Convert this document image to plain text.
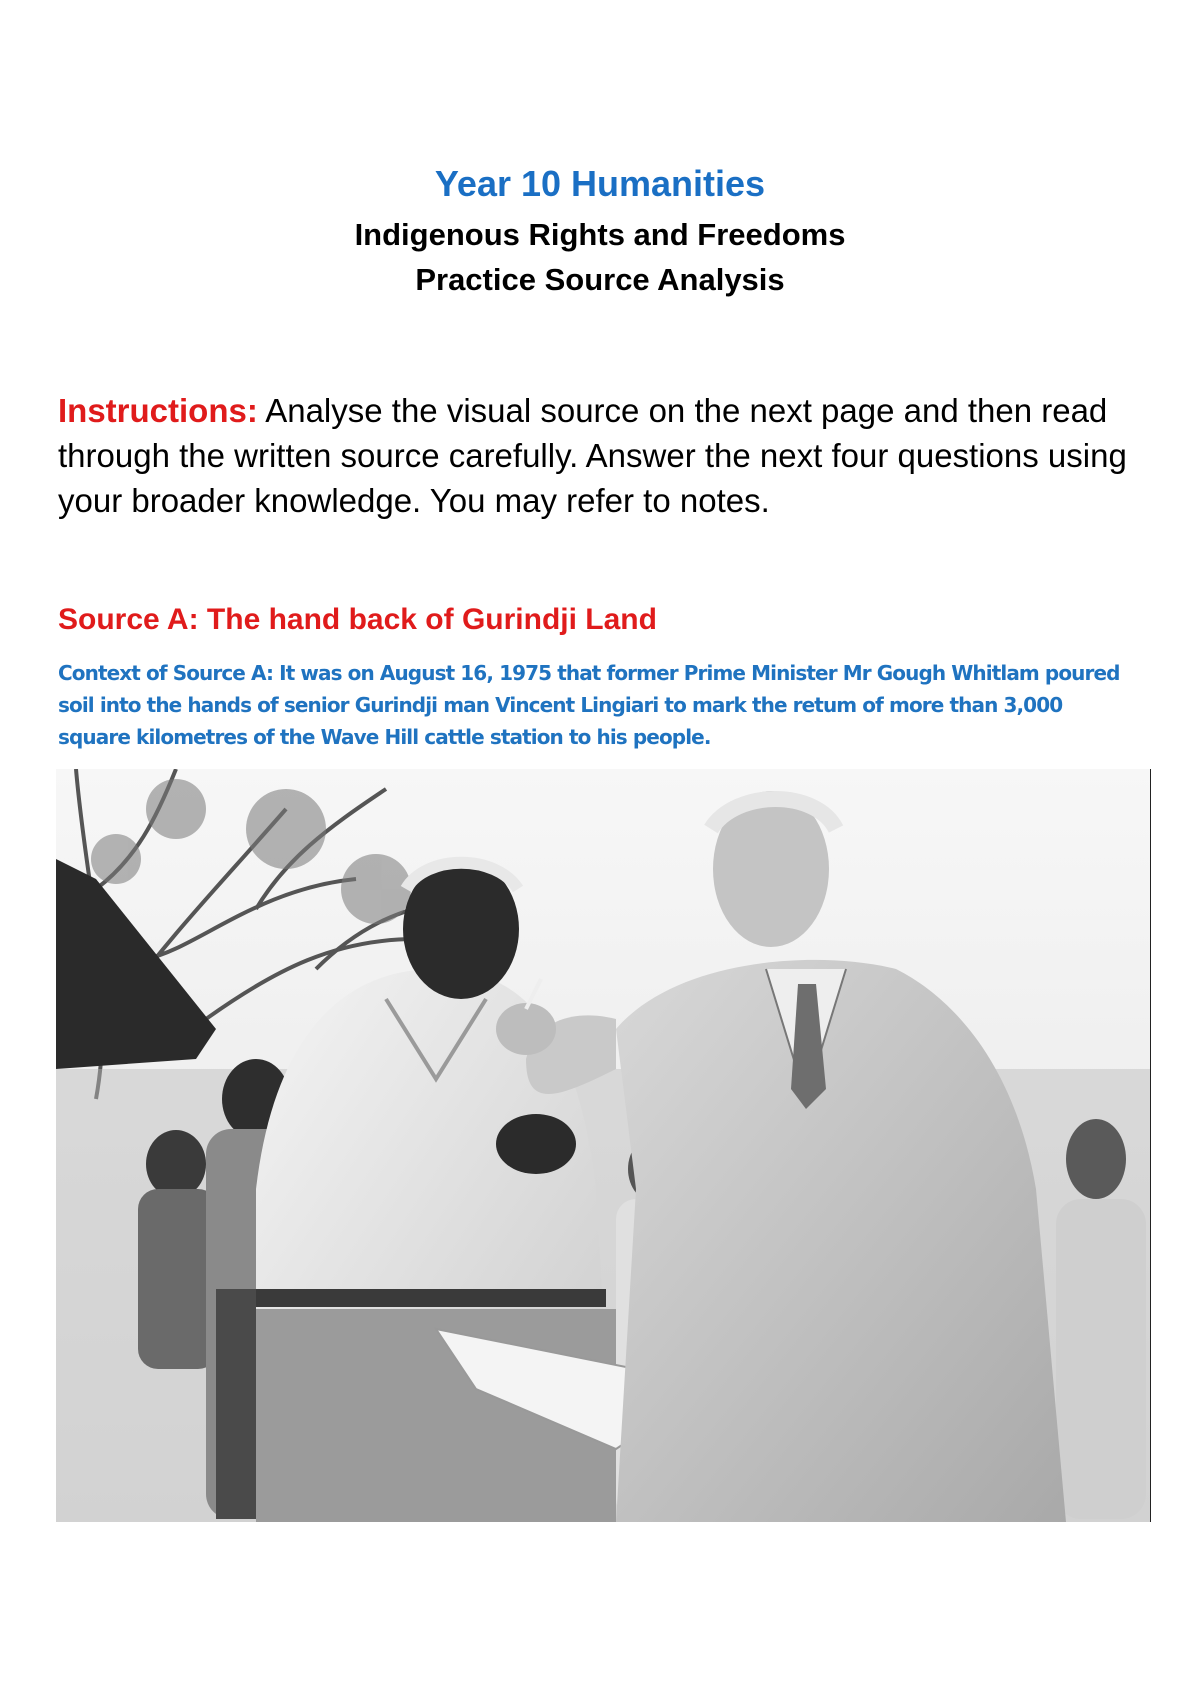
Year 10 Humanities
Indigenous Rights and Freedoms
Practice Source Analysis

Instructions: Analyse the visual source on the next page and then read through the written source carefully. Answer the next four questions using your broader knowledge. You may refer to notes.

Source A: The hand back of Gurindji Land

Context of Source A: It was on August 16, 1975 that former Prime Minister Mr Gough Whitlam poured soil into the hands of senior Gurindji man Vincent Lingiari to mark the retum of more than 3,000 square kilometres of the Wave Hill cattle station to his people.
